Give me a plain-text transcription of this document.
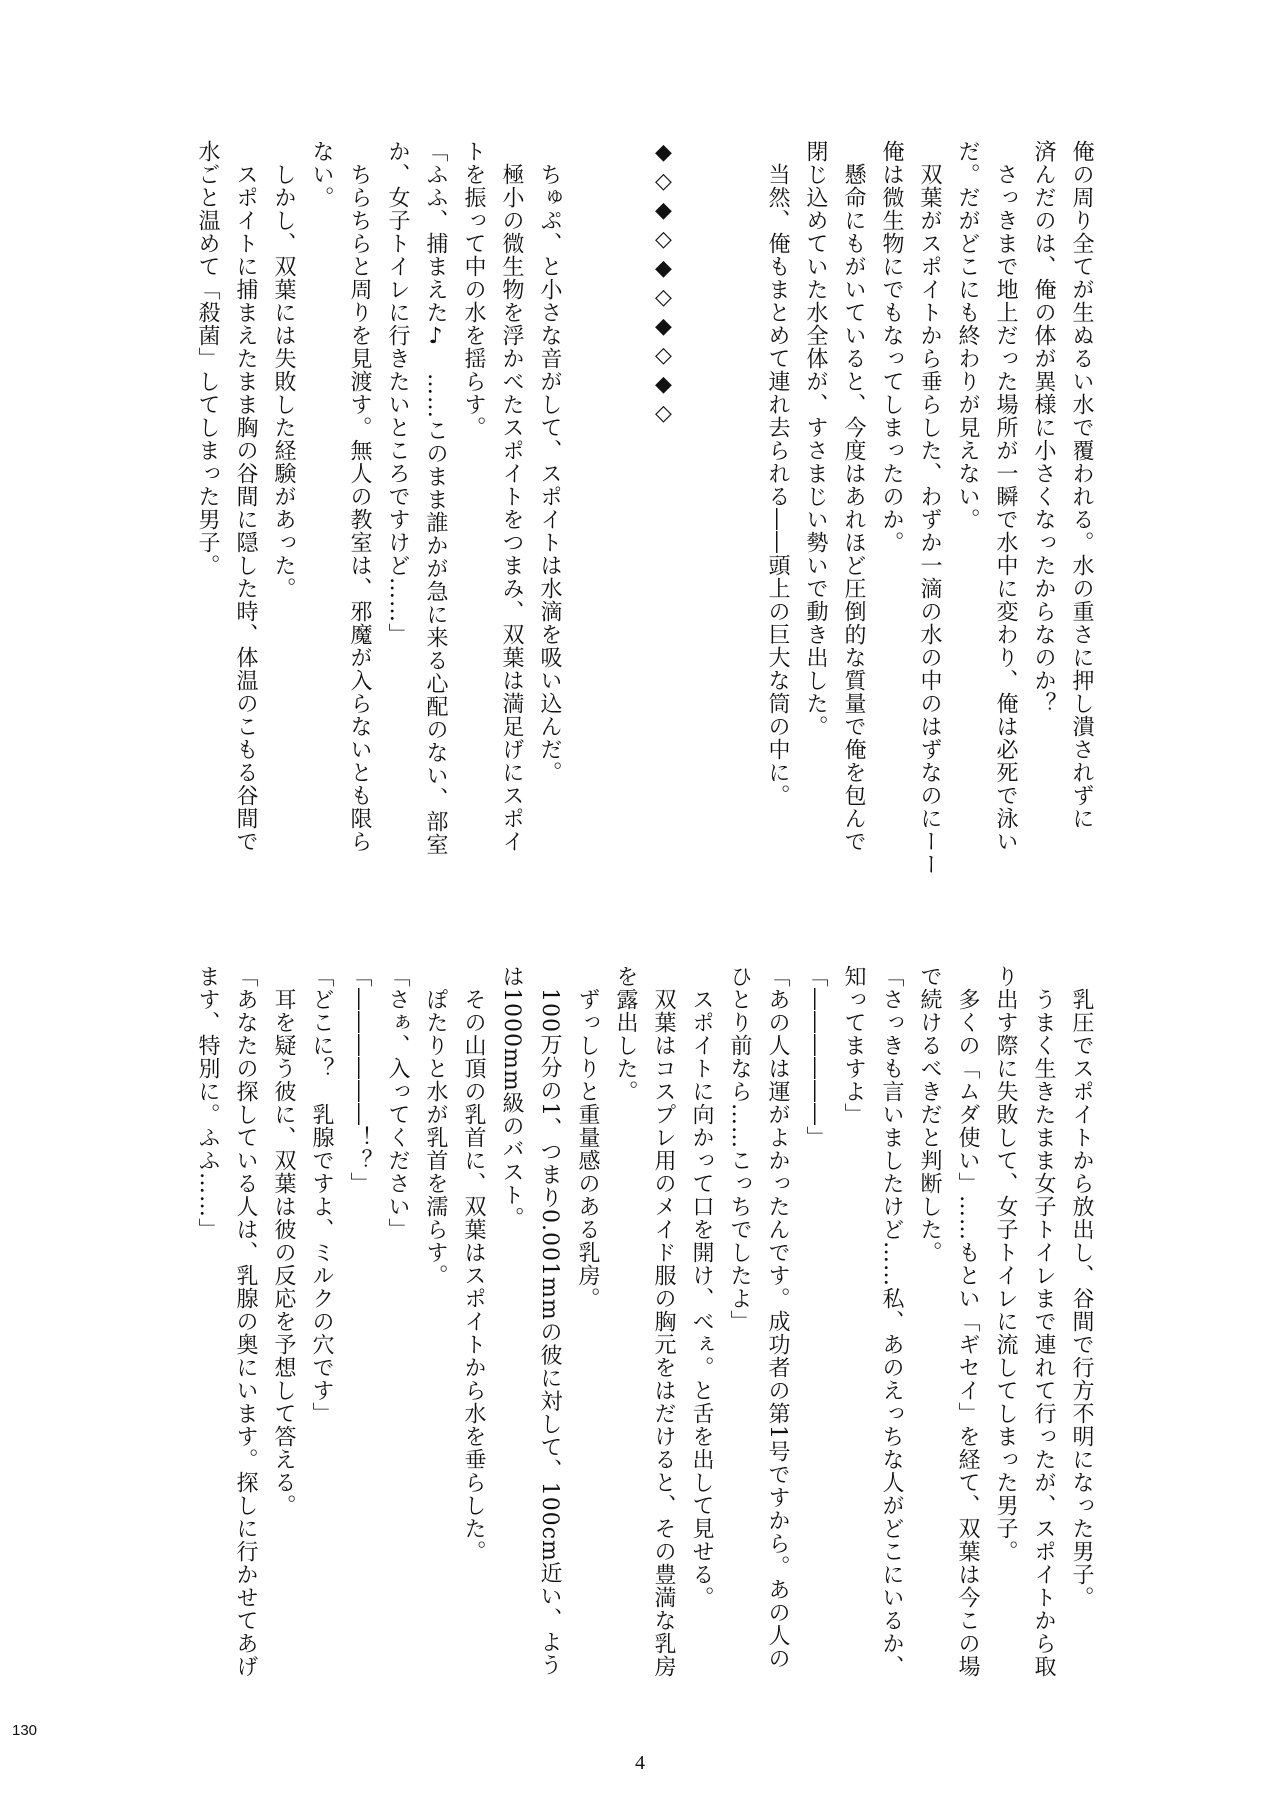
俺の周り全てが生ぬるい水で覆われる。水の重さに押し潰されずに
済んだのは、俺の体が異様に小さくなったからなのか？
　さっきまで地上だった場所が一瞬で水中に変わり、俺は必死で泳い
だ。だがどこにも終わりが見えない。
　双葉がスポイトから垂らした、わずか一滴の水の中のはずなのにーー
俺は微生物にでもなってしまったのか。
　懸命にもがいていると、今度はあれほど圧倒的な質量で俺を包んで
閉じ込めていた水全体が、すさまじい勢いで動き出した。
　当然、俺もまとめて連れ去られる――頭上の巨大な筒の中に。

◆◇◆◇◆◇◆◇◆◇

　ちゅぷ、と小さな音がして、スポイトは水滴を吸い込んだ。
　極小の微生物を浮かべたスポイトをつまみ、双葉は満足げにスポイ
トを振って中の水を揺らす。
「ふふ、捕まえた♪　……このまま誰かが急に来る心配のない、部室
か、女子トイレに行きたいところですけど……」
　ちらちらと周りを見渡す。無人の教室は、邪魔が入らないとも限ら
ない。
　しかし、双葉には失敗した経験があった。
　スポイトに捕まえたまま胸の谷間に隠した時、体温のこもる谷間で
水ごと温めて「殺菌」してしまった男子。
　乳圧でスポイトから放出し、谷間で行方不明になった男子。
　うまく生きたまま女子トイレまで連れて行ったが、スポイトから取
り出す際に失敗して、女子トイレに流してしまった男子。
　多くの「ムダ使い」……もとい「ギセイ」を経て、双葉は今この場
で続けるべきだと判断した。
「さっきも言いましたけど……私、あのえっちな人がどこにいるか、
知ってますよ」
「――――――」
「あの人は運がよかったんです。成功者の第1号ですから。あの人の
ひとり前なら……こっちでしたよ」
　スポイトに向かって口を開け、べぇ。と舌を出して見せる。
　双葉はコスプレ用のメイド服の胸元をはだけると、その豊満な乳房
を露出した。
　ずっしりと重量感のある乳房。
　100万分の1、つまり0.001mmの彼に対して、100cm近い、よう
は1000mm級のバスト。
　その山頂の乳首に、双葉はスポイトから水を垂らした。
　ぽたりと水が乳首を濡らす。
「さぁ、入ってください」
「――――――！？」
「どこに？　乳腺ですよ、ミルクの穴です」
　耳を疑う彼に、双葉は彼の反応を予想して答える。
「あなたの探している人は、乳腺の奥にいます。探しに行かせてあげ
ます、特別に。ふふ……」
4
130
